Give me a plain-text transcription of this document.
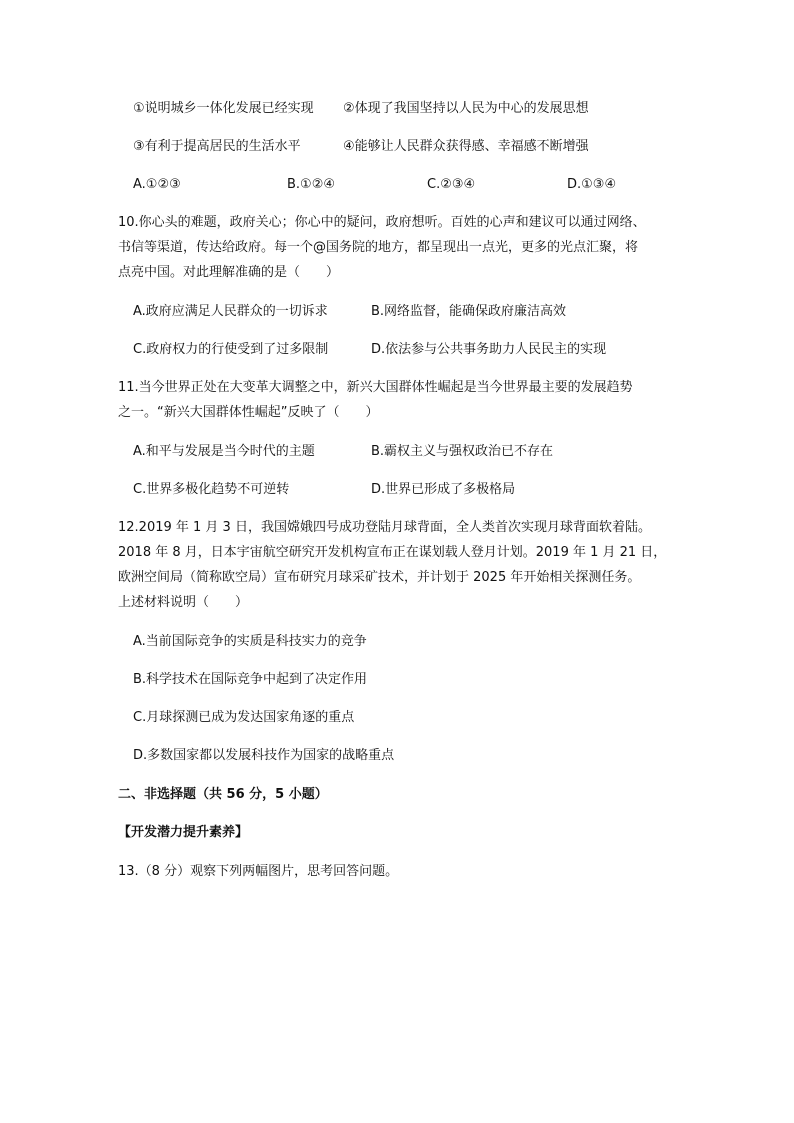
①说明城乡一体化发展已经实现 ②体现了我国坚持以人民为中心的发展思想
③有利于提高居民的生活水平	④能够让人民群众获得感、幸福感不断增强
A.①②③	B.①②④	C.②③④	D.①③④
10.你心头的难题，政府关心；你心中的疑问，政府想听。百姓的心声和建议可以通过网络、
书信等渠道，传达给政府。每一个@国务院的地方，都呈现出一点光，更多的光点汇聚，将
点亮中国。对此理解准确的是（　　）
A.政府应满足人民群众的一切诉求	B.网络监督，能确保政府廉洁高效
C.政府权力的行使受到了过多限制	D.依法参与公共事务助力人民民主的实现
11.当今世界正处在大变革大调整之中，新兴大国群体性崛起是当今世界最主要的发展趋势
之一。“新兴大国群体性崛起”反映了（　　）
A.和平与发展是当今时代的主题	B.霸权主义与强权政治已不存在
C.世界多极化趋势不可逆转	D.世界已形成了多极格局
12.2019 年 1 月 3 日，我国嫦娥四号成功登陆月球背面，全人类首次实现月球背面软着陆。
2018 年 8 月，日本宇宙航空研究开发机构宣布正在谋划载人登月计划。2019 年 1 月 21 日，
欧洲空间局（简称欧空局）宣布研究月球采矿技术，并计划于 2025 年开始相关探测任务。
上述材料说明（　　）
A.当前国际竞争的实质是科技实力的竞争
B.科学技术在国际竞争中起到了决定作用
C.月球探测已成为发达国家角逐的重点
D.多数国家都以发展科技作为国家的战略重点
二、非选择题（共 56 分，5 小题）
【开发潜力提升素养】
13.（8 分）观察下列两幅图片，思考回答问题。
